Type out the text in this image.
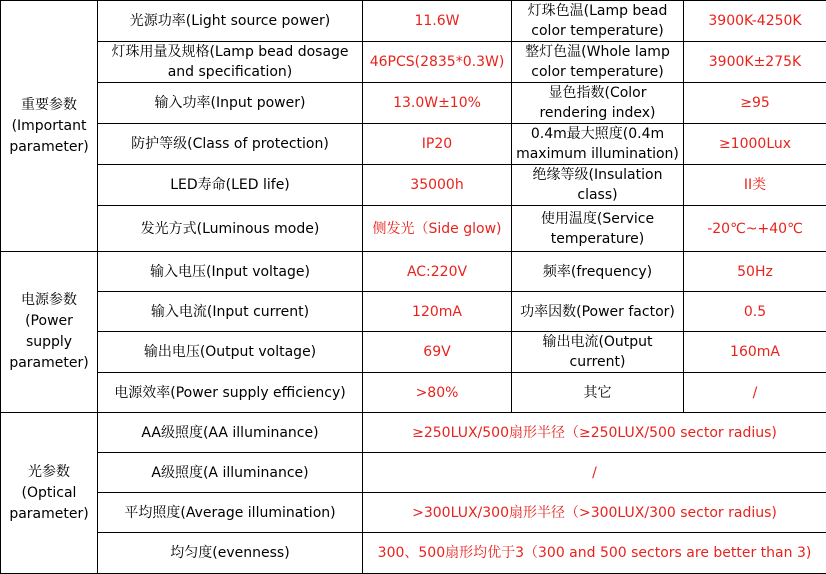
重要参数(Important parameter)	光源功率(Light source power)	11.6W	灯珠色温(Lamp bead color temperature)	3900K-4250K
	灯珠用量及规格(Lamp bead dosage and specification)	46PCS(2835*0.3W)	整灯色温(Whole lamp color temperature)	3900K±275K
	输入功率(Input power)	13.0W±10%	显色指数(Color rendering index)	≥95
	防护等级(Class of protection)	IP20	0.4m最大照度(0.4m maximum illumination)	≥1000Lux
	LED寿命(LED life)	35000h	绝缘等级(Insulation class)	II类
	发光方式(Luminous mode)	侧发光（Side glow)	使用温度(Service temperature)	-20℃~+40℃
电源参数(Power supply parameter)	输入电压(Input voltage)	AC:220V	频率(frequency)	50Hz
	输入电流(Input current)	120mA	功率因数(Power factor)	0.5
	输出电压(Output voltage)	69V	输出电流(Output current)	160mA
	电源效率(Power supply efficiency)	>80%	其它	/
光参数(Optical parameter)	AA级照度(AA illuminance)	≥250LUX/500扇形半径（≥250LUX/500 sector radius)		
	A级照度(A illuminance)	/		
	平均照度(Average illumination)	>300LUX/300扇形半径（>300LUX/300 sector radius)		
	均匀度(evenness)	300、500扇形均优于3（300 and 500 sectors are better than 3)		
